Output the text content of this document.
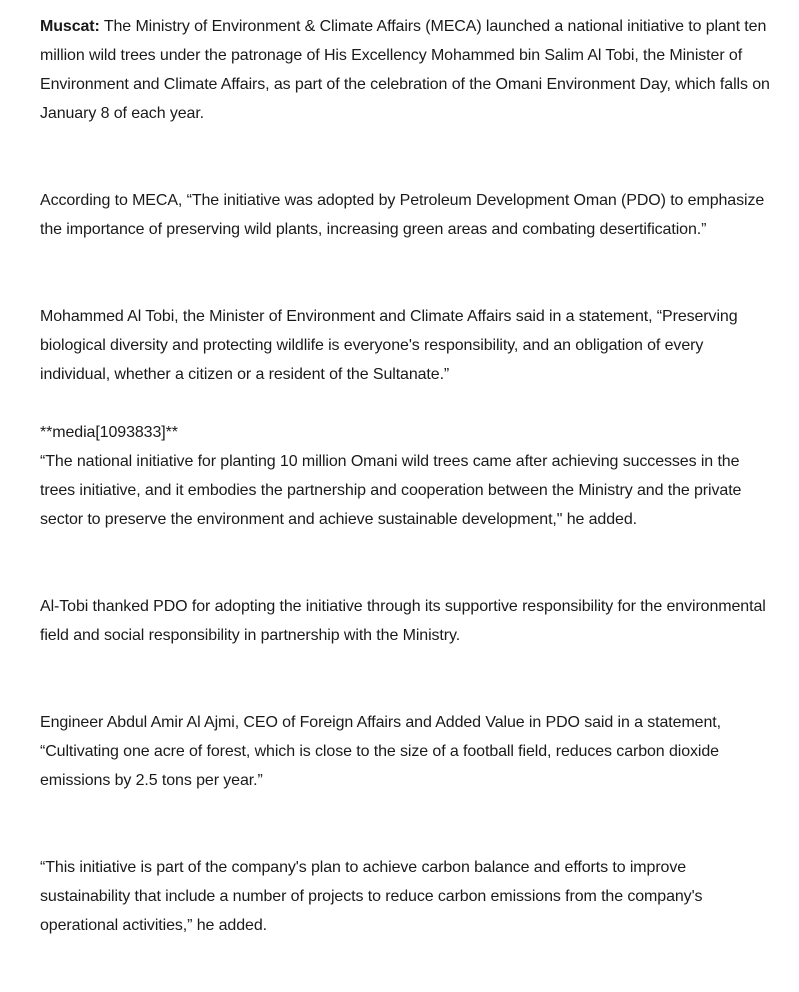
Muscat: The Ministry of Environment & Climate Affairs (MECA) launched a national initiative to plant ten million wild trees under the patronage of His Excellency Mohammed bin Salim Al Tobi, the Minister of Environment and Climate Affairs, as part of the celebration of the Omani Environment Day, which falls on January 8 of each year.

According to MECA, “The initiative was adopted by Petroleum Development Oman (PDO) to emphasize the importance of preserving wild plants, increasing green areas and combating desertification.”

Mohammed Al Tobi, the Minister of Environment and Climate Affairs said in a statement, “Preserving biological diversity and protecting wildlife is everyone's responsibility, and an obligation of every individual, whether a citizen or a resident of the Sultanate.”

**media[1093833]**

“The national initiative for planting 10 million Omani wild trees came after achieving successes in the trees initiative, and it embodies the partnership and cooperation between the Ministry and the private sector to preserve the environment and achieve sustainable development," he added.

Al-Tobi thanked PDO for adopting the initiative through its supportive responsibility for the environmental field and social responsibility in partnership with the Ministry.

Engineer Abdul Amir Al Ajmi, CEO of Foreign Affairs and Added Value in PDO said in a statement, “Cultivating one acre of forest, which is close to the size of a football field, reduces carbon dioxide emissions by 2.5 tons per year.”

“This initiative is part of the company's plan to achieve carbon balance and efforts to improve sustainability that include a number of projects to reduce carbon emissions from the company's operational activities,” he added.
